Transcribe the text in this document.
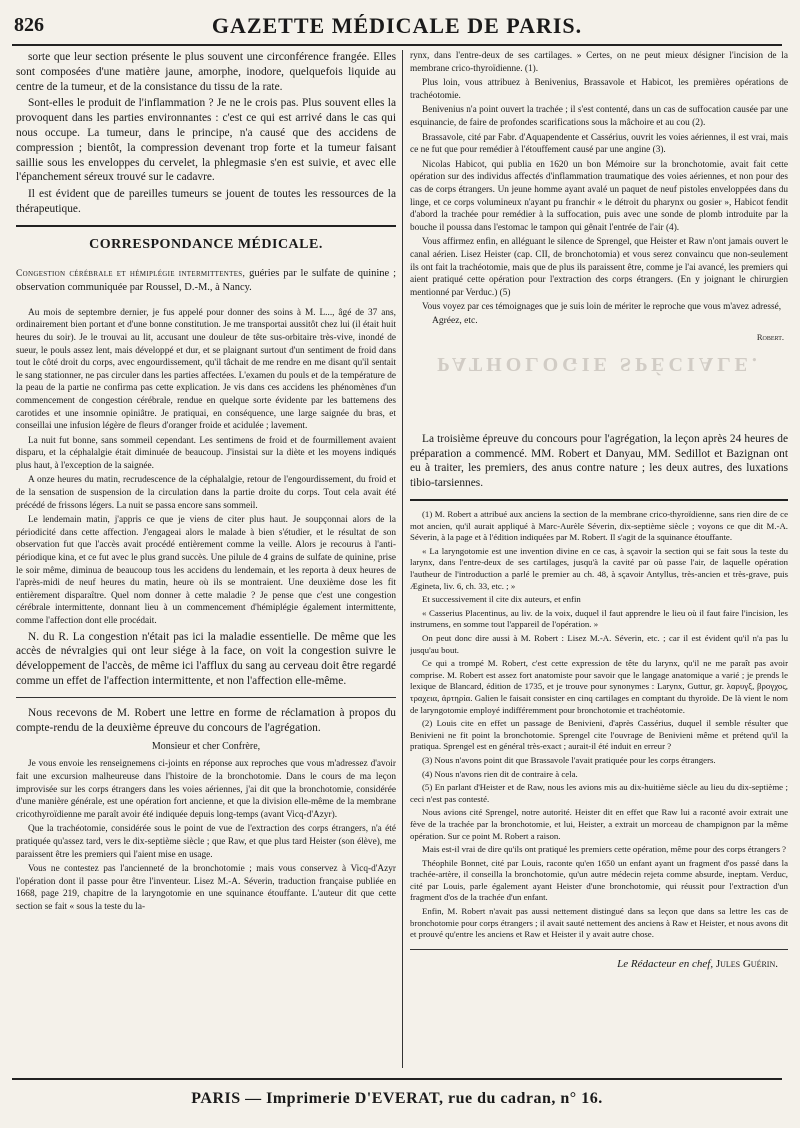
826	GAZETTE MÉDICALE DE PARIS.

sorte que leur section présente le plus souvent une circonférence frangée. Elles sont composées d'une matière jaune, amorphe, inodore, quelquefois liquide au centre de la tumeur, et de la consistance du tissu de la rate.

Sont-elles le produit de l'inflammation ? Je ne le crois pas. Plus souvent elles la provoquent dans les parties environnantes : c'est ce qui est arrivé dans le cas qui nous occupe. La tumeur, dans le principe, n'a causé que des accidens de compression ; bientôt, la compression devenant trop forte et la tumeur faisant saillie sous les enveloppes du cervelet, la phlegmasie s'en est suivie, et avec elle l'épanchement séreux trouvé sur le cadavre.

Il est évident que de pareilles tumeurs se jouent de toutes les ressources de la thérapeutique.

CORRESPONDANCE MÉDICALE.

Congestion cérébrale et hémiplégie intermittentes, guéries par le sulfate de quinine ; observation communiquée par Roussel, D.-M., à Nancy.

Au mois de septembre dernier, je fus appelé pour donner des soins à M. L..., âgé de 37 ans, ordinairement bien portant et d'une bonne constitution. Je me transportai aussitôt chez lui (il était huit heures du soir). Je le trouvai au lit, accusant une douleur de tête sus-orbitaire très-vive, inondé de sueur, le pouls assez lent, mais développé et dur, et se plaignant surtout d'un sentiment de froid dans tout le côté droit du corps, avec engourdissement, qu'il tâchait de me rendre en me disant qu'il sentait le sang stationner, ne pas circuler dans les parties affectées. L'examen du pouls et de la température de la peau de la partie ne confirma pas cette explication. Je vis dans ces accidens les phénomènes d'un commencement de congestion cérébrale, rendue en quelque sorte évidente par les battemens des carotides et une insomnie opiniâtre. Je pratiquai, en conséquence, une large saignée du bras, et conseillai une infusion légère de fleurs d'oranger froide et acidulée ; lavement.

La nuit fut bonne, sans sommeil cependant. Les sentimens de froid et de fourmillement avaient disparu, et la céphalalgie était diminuée de beaucoup. J'insistai sur la diète et les moyens indiqués plus haut, à l'exception de la saignée.

A onze heures du matin, recrudescence de la céphalalgie, retour de l'engourdissement, du froid et de la sensation de suspension de la circulation dans la partie droite du corps. Tout cela avait été précédé de frissons légers. La nuit se passa encore sans sommeil.

Le lendemain matin, j'appris ce que je viens de citer plus haut. Je soupçonnai alors de la périodicité dans cette affection. J'engageai alors le malade à bien s'étudier, et le résultat de son observation fut que l'accès avait procédé entièrement comme la veille. Alors je recourus à l'anti-périodique kina, et ce fut avec le plus grand succès. Une pilule de 4 grains de sulfate de quinine, prise le soir même, diminua de beaucoup tous les accidens du lendemain, et les reporta à deux heures de l'après-midi de neuf heures du matin, heure où ils se montraient. Une deuxième dose les fit entièrement disparaître. Quel nom donner à cette maladie ? Je pense que c'est une congestion cérébrale intermittente, donnant lieu à un commencement d'hémiplégie également intermittente, comme l'affection dont elle procédait.

N. du R. La congestion n'était pas ici la maladie essentielle. De même que les accès de névralgies qui ont leur siége à la face, on voit la congestion suivre le développement de l'accès, de même ici l'afflux du sang au cerveau doit être regardé comme un effet de l'affection intermittente, et non l'affection elle-même.

Nous recevons de M. Robert une lettre en forme de réclamation à propos du compte-rendu de la deuxième épreuve du concours de l'agrégation.

Monsieur et cher Confrère,

Je vous envoie les renseignemens ci-joints en réponse aux reproches que vous m'adressez d'avoir fait une excursion malheureuse dans l'histoire de la bronchotomie. Dans le cours de ma leçon improvisée sur les corps étrangers dans les voies aériennes, j'ai dit que la bronchotomie, considérée d'une manière générale, est une opération fort ancienne, et que la division elle-même de la membrane cricothyroïdienne me paraît avoir été indiquée depuis long-temps (avant Vicq-d'Azyr).

Que la trachéotomie, considérée sous le point de vue de l'extraction des corps étrangers, n'a été pratiquée qu'assez tard, vers le dix-septième siècle ; que Raw, et que plus tard Heister (son élève), me paraissent être les premiers qui l'aient mise en usage.

Vous ne contestez pas l'ancienneté de la bronchotomie ; mais vous conservez à Vicq-d'Azyr l'opération dont il passe pour être l'inventeur. Lisez M.-A. Séverin, traduction française publiée en 1668, page 219, chapitre de la laryngotomie en une squinance étouffante. L'auteur dit que cette section se fait « sous la teste du la-

rynx, dans l'entre-deux de ses cartilages. » Certes, on ne peut mieux désigner l'incision de la membrane crico-thyroïdienne. (1).

Plus loin, vous attribuez à Benivenius, Brassavole et Habicot, les premières opérations de trachéotomie.

Benivenius n'a point ouvert la trachée ; il s'est contenté, dans un cas de suffocation causée par une esquinancie, de faire de profondes scarifications sous la mâchoire et au cou (2).

Brassavole, cité par Fabr. d'Aquapendente et Cassérius, ouvrit les voies aériennes, il est vrai, mais ce ne fut que pour remédier à l'étouffement causé par une angine (3).

Nicolas Habicot, qui publia en 1620 un bon Mémoire sur la bronchotomie, avait fait cette opération sur des individus affectés d'inflammation traumatique des voies aériennes, et non pour des cas de corps étrangers. Un jeune homme ayant avalé un paquet de neuf pistoles enveloppées dans du linge, et ce corps volumineux n'ayant pu franchir « le détroit du pharynx ou gosier », Habicot fendit d'abord la trachée pour remédier à la suffocation, puis avec une sonde de plomb introduite par la bouche il poussa dans l'estomac le tampon qui gênait l'entrée de l'air (4).

Vous affirmez enfin, en alléguant le silence de Sprengel, que Heister et Raw n'ont jamais ouvert le canal aérien. Lisez Heister (cap. CII, de bronchotomia) et vous serez convaincu que non-seulement ils ont fait la trachéotomie, mais que de plus ils paraissent être, comme je l'ai avancé, les premiers qui aient pratiqué cette opération pour l'extraction des corps étrangers. (En y joignant le chirurgien mentionné par Verduc.) (5)

Vous voyez par ces témoignages que je suis loin de mériter le reproche que vous m'avez adressé,

Agréez, etc.
Robert.
PATHOLOGIE SPÉCIALE.

La troisième épreuve du concours pour l'agrégation, la leçon après 24 heures de préparation a commencé. MM. Robert et Danyau, MM. Sedillot et Bazignan ont eu à traiter, les premiers, des anus contre nature ; les deux autres, des luxations tibio-tarsiennes.

(1) M. Robert a attribué aux anciens la section de la membrane crico-thyroïdienne, sans rien dire de ce mot ancien, qu'il aurait appliqué à Marc-Aurèle Séverin, dix-septième siècle ; voyons ce que dit M.-A. Séverin, à la page et à l'édition indiquées par M. Robert. Il s'agit de la squinance étouffante.

« La laryngotomie est une invention divine en ce cas, à sçavoir la section qui se fait sous la teste du larynx, dans l'entre-deux de ses cartilages, jusqu'à la cavité par où passe l'air, de laquelle opération l'autheur de l'introduction a parlé le premier au ch. 48, à sçavoir Antyllus, très-ancien et très-grave, puis Ægineta, liv. 6, ch. 33, etc. ; »

Et successivement il cite dix auteurs, et enfin

« Casserius Placentinus, au liv. de la voix, duquel il faut apprendre le lieu où il faut faire l'incision, les instrumens, en somme tout l'appareil de l'opération. »

On peut donc dire aussi à M. Robert : Lisez M.-A. Séverin, etc. ; car il est évident qu'il n'a pas lu jusqu'au bout.

Ce qui a trompé M. Robert, c'est cette expression de tête du larynx, qu'il ne me paraît pas avoir comprise. M. Robert est assez fort anatomiste pour savoir que le langage anatomique a varié ; je prends le lexique de Blancard, édition de 1735, et je trouve pour synonymes : Larynx, Guttur, gr. λαρυγξ, βρογχος, τραχεια, ἀρτηρία. Galien le faisait consister en cinq cartilages en comptant du thyroïde. De là vient le nom de laryngotomie employé indifféremment pour bronchotomie et trachéotomie.

(2) Louis cite en effet un passage de Benivieni, d'après Cassérius, duquel il semble résulter que Benivieni ne fit point la bronchotomie. Sprengel cite l'ouvrage de Benivieni même et prétend qu'il la pratiqua. Sprengel est en général très-exact ; aurait-il été induit en erreur ?

(3) Nous n'avons point dit que Brassavole l'avait pratiquée pour les corps étrangers.

(4) Nous n'avons rien dit de contraire à cela.

(5) En parlant d'Heister et de Raw, nous les avions mis au dix-huitième siècle au lieu du dix-septième ; ceci n'est pas contesté.

Nous avions cité Sprengel, notre autorité. Heister dit en effet que Raw lui a raconté avoir extrait une fève de la trachée par la bronchotomie, et lui, Heister, a extrait un morceau de champignon par la même opération. Sur ce point M. Robert a raison.

Mais est-il vrai de dire qu'ils ont pratiqué les premiers cette opération, même pour des corps étrangers ?

Théophile Bonnet, cité par Louis, raconte qu'en 1650 un enfant ayant un fragment d'os passé dans la trachée-artère, il conseilla la bronchotomie, qu'un autre médecin rejeta comme absurde, ineptam. Verduc, cité par Louis, parle également ayant Heister d'une bronchotomie, qui réussit pour l'extraction d'un fragment d'os de la trachée d'un enfant.

Enfin, M. Robert n'avait pas aussi nettement distingué dans sa leçon que dans sa lettre les cas de bronchotomie pour corps étrangers ; il avait sauté nettement des anciens à Raw et Heister, et nous avons dit et prouvé qu'entre les anciens et Raw et Heister il y avait autre chose.

Le Rédacteur en chef, Jules Guérin.
PARIS — Imprimerie D'EVERAT, rue du cadran, n° 16.
